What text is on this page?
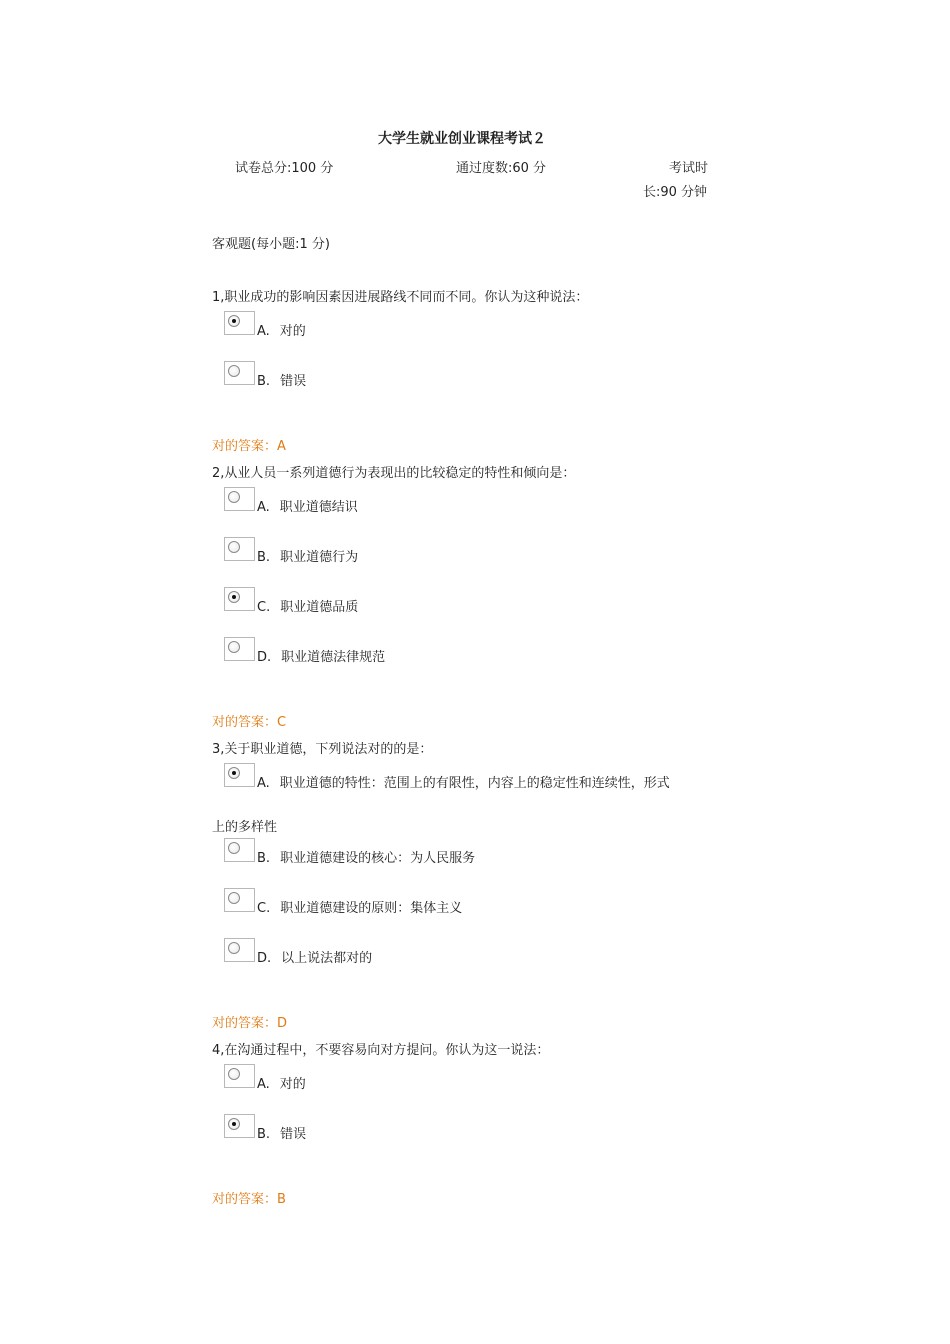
大学生就业创业课程考试２
试卷总分:100 分	通过度数:60 分	考试时
长:90 分钟
客观题(每小题:1 分)
1,职业成功的影响因素因进展路线不同而不同。你认为这种说法：
A. 对的
B. 错误
对的答案：A
2,从业人员一系列道德行为表现出的比较稳定的特性和倾向是：
A. 职业道德结识
B. 职业道德行为
C. 职业道德品质
D. 职业道德法律规范
对的答案：C
3,关于职业道德，下列说法对的的是：
A. 职业道德的特性：范围上的有限性，内容上的稳定性和连续性，形式
上的多样性
B. 职业道德建设的核心：为人民服务
C. 职业道德建设的原则：集体主义
D. 以上说法都对的
对的答案：D
4,在沟通过程中，不要容易向对方提问。你认为这一说法：
A. 对的
B. 错误
对的答案：B
